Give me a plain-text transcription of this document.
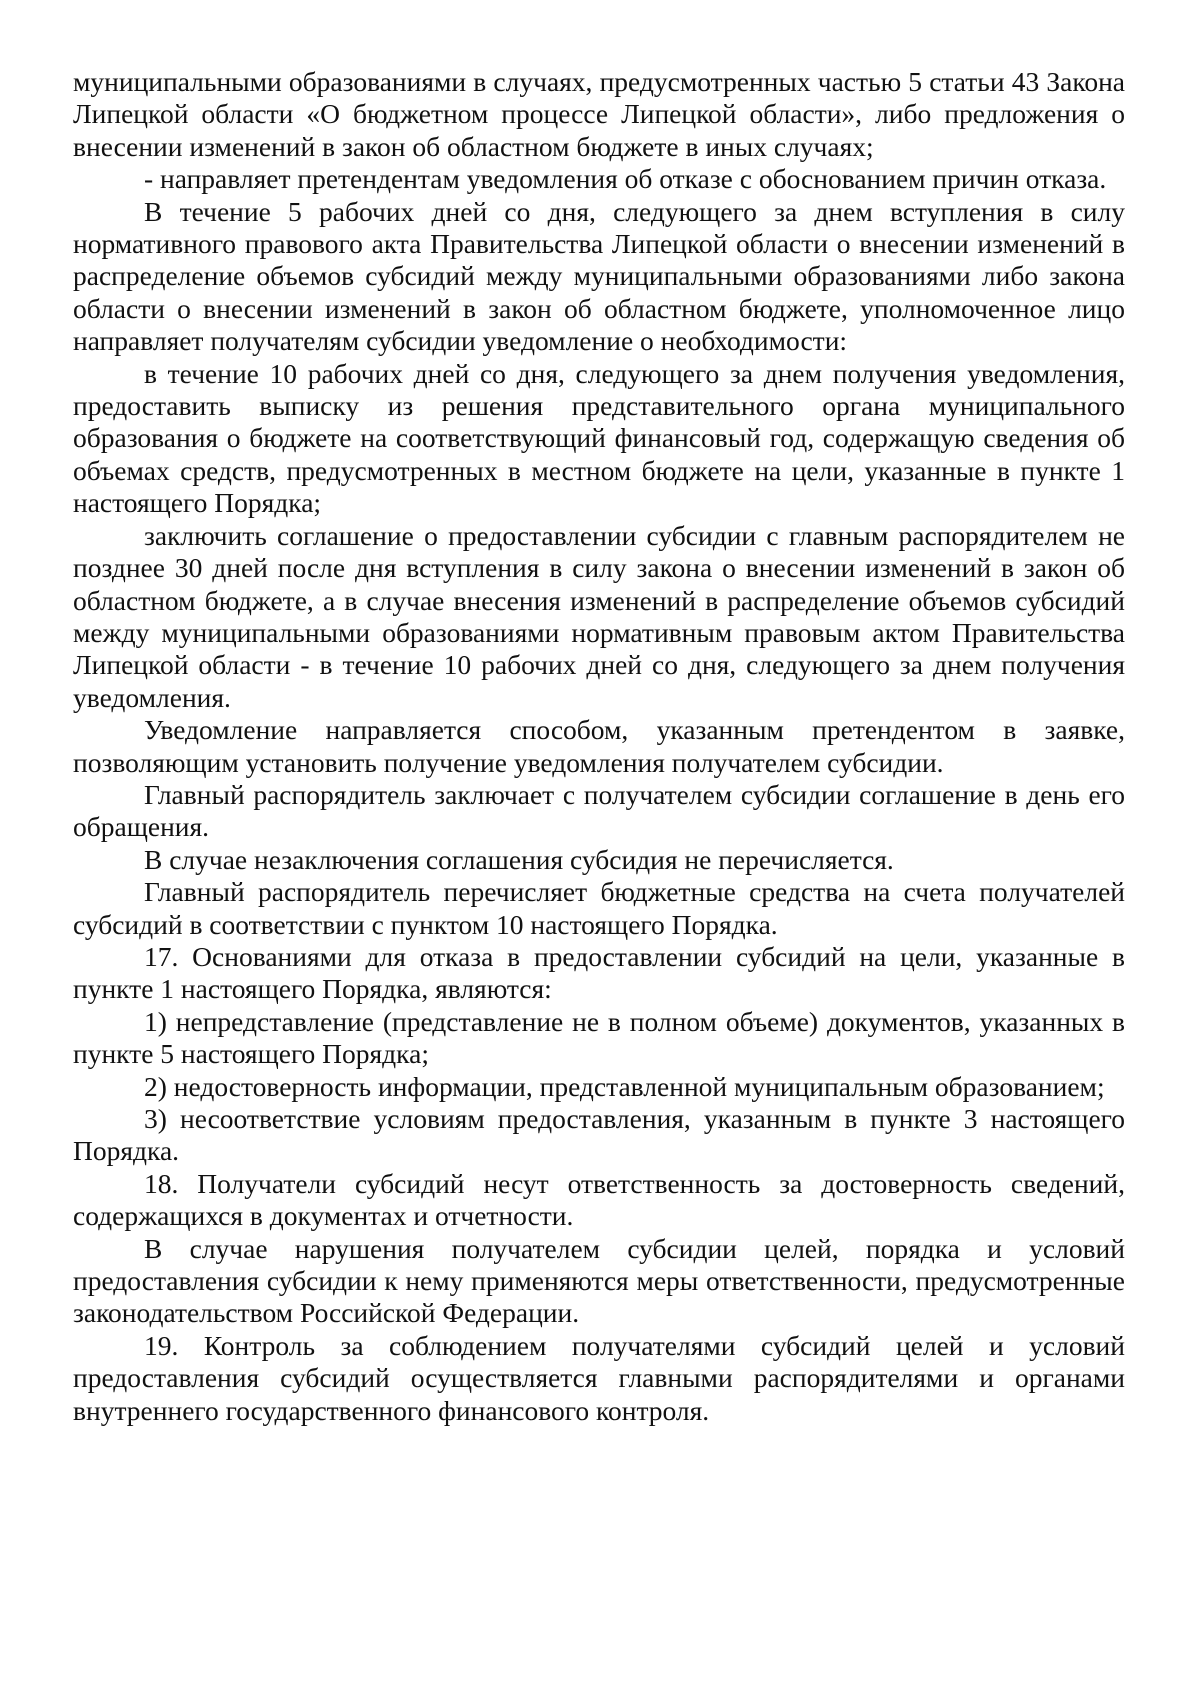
муниципальными образованиями в случаях, предусмотренных частью 5 статьи 43 Закона Липецкой области «О бюджетном процессе Липецкой области», либо предложения о внесении изменений в закон об областном бюджете в иных случаях;

- направляет претендентам уведомления об отказе с обоснованием причин отказа.

В течение 5 рабочих дней со дня, следующего за днем вступления в силу нормативного правового акта Правительства Липецкой области о внесении изменений в распределение объемов субсидий между муниципальными образованиями либо закона области о внесении изменений в закон об областном бюджете, уполномоченное лицо направляет получателям субсидии уведомление о необходимости:

в течение 10 рабочих дней со дня, следующего за днем получения уведомления, предоставить выписку из решения представительного органа муниципального образования о бюджете на соответствующий финансовый год, содержащую сведения об объемах средств, предусмотренных в местном бюджете на цели, указанные в пункте 1 настоящего Порядка;

заключить соглашение о предоставлении субсидии с главным распорядителем не позднее 30 дней после дня вступления в силу закона о внесении изменений в закон об областном бюджете, а в случае внесения изменений в распределение объемов субсидий между муниципальными образованиями нормативным правовым актом Правительства Липецкой области - в течение 10 рабочих дней со дня, следующего за днем получения уведомления.

Уведомление направляется способом, указанным претендентом в заявке, позволяющим установить получение уведомления получателем субсидии.

Главный распорядитель заключает с получателем субсидии соглашение в день его обращения.

В случае незаключения соглашения субсидия не перечисляется.

Главный распорядитель перечисляет бюджетные средства на счета получателей субсидий в соответствии с пунктом 10 настоящего Порядка.

17. Основаниями для отказа в предоставлении субсидий на цели, указанные в пункте 1 настоящего Порядка, являются:

1) непредставление (представление не в полном объеме) документов, указанных в пункте 5 настоящего Порядка;

2) недостоверность информации, представленной муниципальным образованием;

3) несоответствие условиям предоставления, указанным в пункте 3 настоящего Порядка.

18. Получатели субсидий несут ответственность за достоверность сведений, содержащихся в документах и отчетности.

В случае нарушения получателем субсидии целей, порядка и условий предоставления субсидии к нему применяются меры ответственности, предусмотренные законодательством Российской Федерации.

19. Контроль за соблюдением получателями субсидий целей и условий предоставления субсидий осуществляется главными распорядителями и органами внутреннего государственного финансового контроля.
